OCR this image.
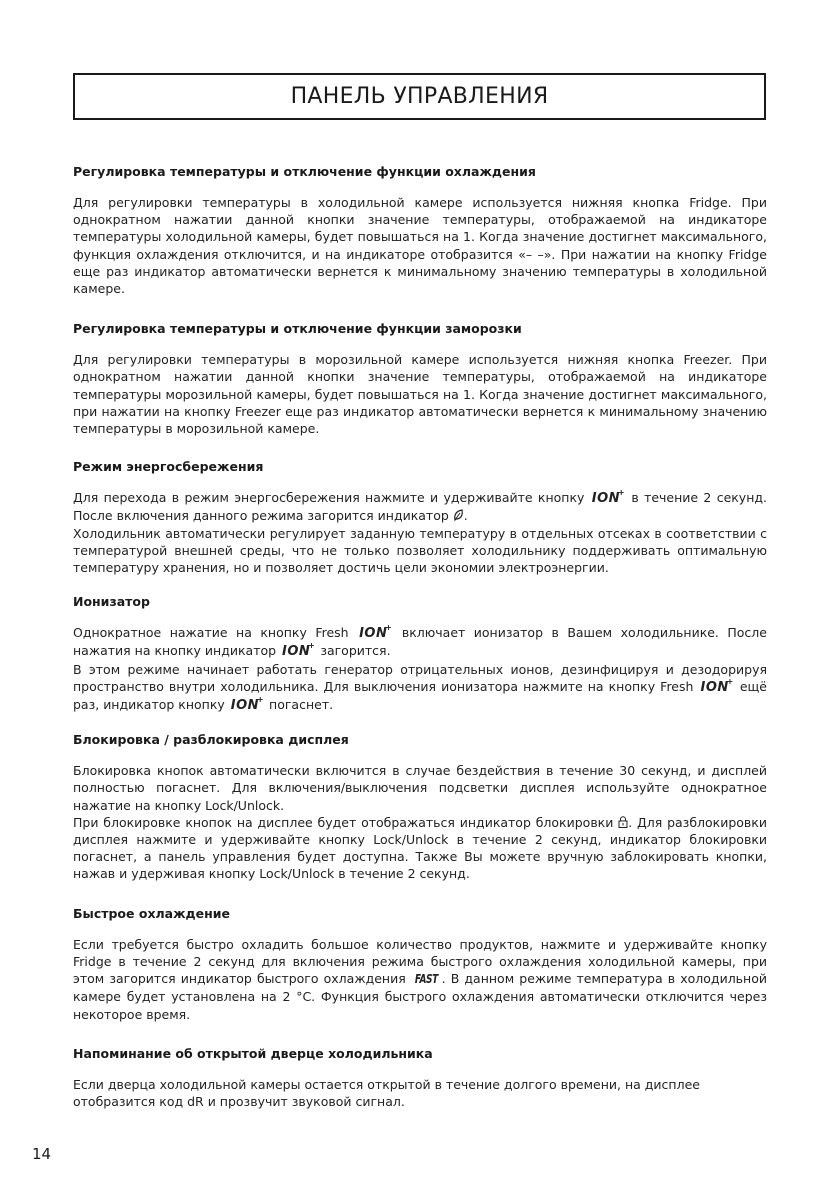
ПАНЕЛЬ УПРАВЛЕНИЯ
Регулировка температуры и отключение функции охлаждения

Для регулировки температуры в холодильной камере используется нижняя кнопка Fridge. При однократном нажатии данной кнопки значение температуры, отображаемой на индикаторе температуры холодильной камеры, будет повышаться на 1. Когда значение достигнет максимального, функция охлаждения отключится, и на индикаторе отобразится «– –». При нажатии на кнопку Fridge еще раз индикатор автоматически вернется к минимальному значению температуры в холодильной камере.

Регулировка температуры и отключение функции заморозки

Для регулировки температуры в морозильной камере используется нижняя кнопка Freezer. При однократном нажатии данной кнопки значение температуры, отображаемой на индикаторе температуры морозильной камеры, будет повышаться на 1. Когда значение достигнет максимального, при нажатии на кнопку Freezer еще раз индикатор автоматически вернется к минимальному значению температуры в морозильной камере.

Режим энергосбережения

Для перехода в режим энергосбережения нажмите и удерживайте кнопку ION
+ в течение 2 секунд. После включения данного режима загорится индикатор .

Холодильник автоматически регулирует заданную температуру в отдельных отсеках в соответствии с температурой внешней среды, что не только позволяет холодильнику поддерживать оптимальную температуру хранения, но и позволяет достичь цели экономии электроэнергии.

Ионизатор

Однократное нажатие на кнопку Fresh ION
+ включает ионизатор в Вашем холодильнике. После нажатия на кнопку индикатор ION
+ загорится.

В этом режиме начинает работать генератор отрицательных ионов, дезинфицируя и дезодорируя пространство внутри холодильника. Для выключения ионизатора нажмите на кнопку Fresh ION
+ ещё раз, индикатор кнопку ION
+ погаснет.

Блокировка / разблокировка дисплея

Блокировка кнопок автоматически включится в случае бездействия в течение 30 секунд, и дисплей полностью погаснет. Для включения/выключения подсветки дисплея используйте однократное нажатие на кнопку Lock/Unlock.

При блокировке кнопок на дисплее будет отображаться индикатор блокировки . Для разблокировки дисплея нажмите и удерживайте кнопку Lock/Unlock в течение 2 секунд, индикатор блокировки погаснет, а панель управления будет доступна. Также Вы можете вручную заблокировать кнопки, нажав и удерживая кнопку Lock/Unlock в течение 2 секунд.

Быстрое охлаждение

Если требуется быстро охладить большое количество продуктов, нажмите и удерживайте кнопку Fridge в течение 2 секунд для включения режима быстрого охлаждения холодильной камеры, при этом загорится индикатор быстрого охлаждения FAST . В данном режиме температура в холодильной камере будет установлена на 2 °С. Функция быстрого охлаждения автоматически отключится через некоторое время.

Напоминание об открытой дверце холодильника

Если дверца холодильной камеры остается открытой в течение долгого времени, на дисплее отобразится код dR и прозвучит звуковой сигнал.

14
